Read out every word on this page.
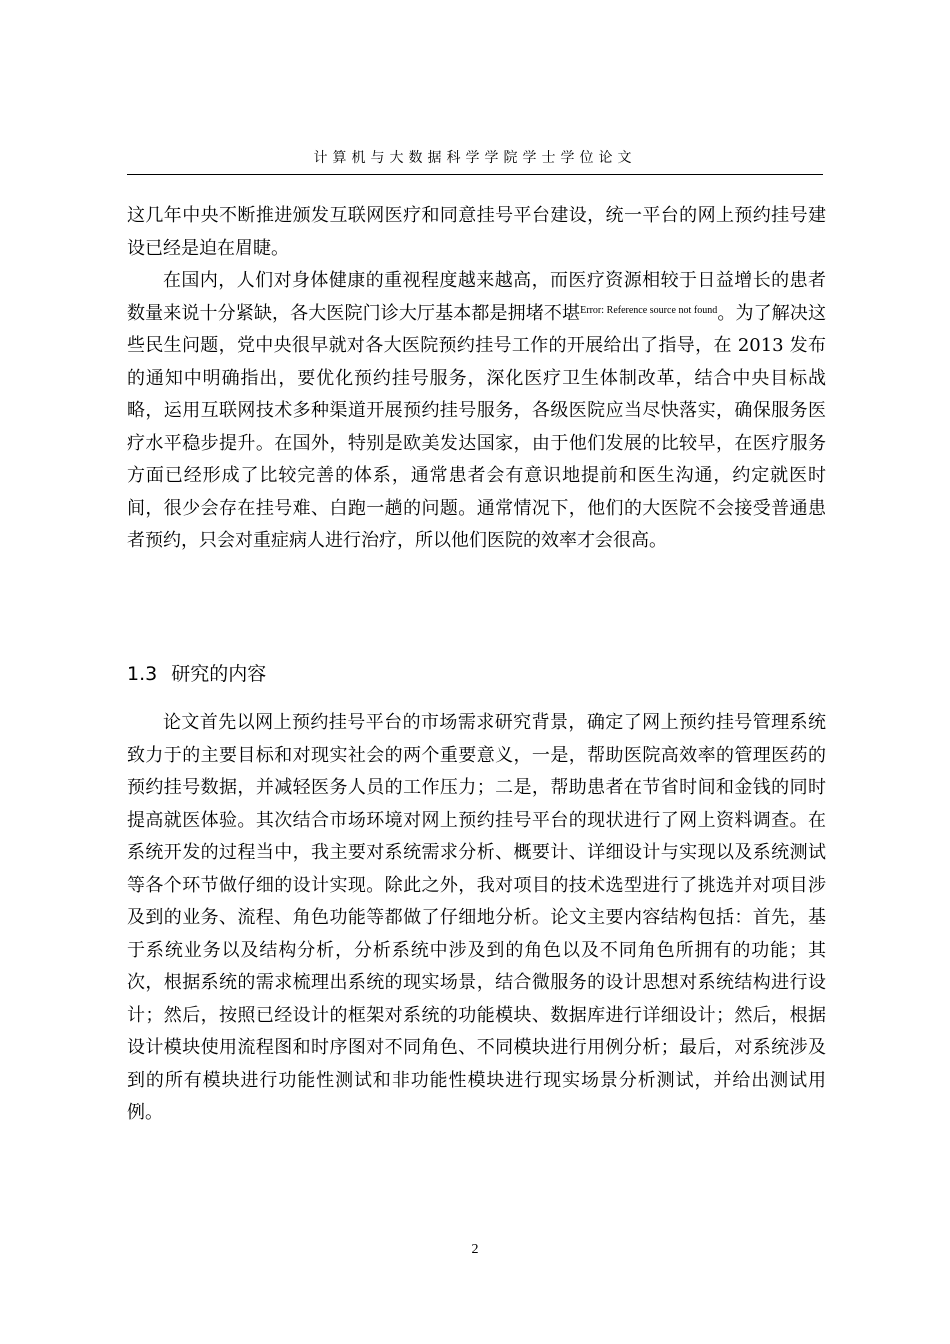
计算机与大数据科学学院学士学位论文

这几年中央不断推进颁发互联网医疗和同意挂号平台建设，统一平台的网上预约挂号建设已经是迫在眉睫。

在国内，人们对身体健康的重视程度越来越高，而医疗资源相较于日益增长的患者数量来说十分紧缺，各大医院门诊大厅基本都是拥堵不堪$^{Error: Reference source not found}$。为了解决这些民生问题，党中央很早就对各大医院预约挂号工作的开展给出了指导，在 2013 发布的通知中明确指出，要优化预约挂号服务，深化医疗卫生体制改革，结合中央目标战略，运用互联网技术多种渠道开展预约挂号服务，各级医院应当尽快落实，确保服务医疗水平稳步提升。在国外，特别是欧美发达国家，由于他们发展的比较早，在医疗服务方面已经形成了比较完善的体系，通常患者会有意识地提前和医生沟通，约定就医时间，很少会存在挂号难、白跑一趟的问题。通常情况下，他们的大医院不会接受普通患者预约，只会对重症病人进行治疗，所以他们医院的效率才会很高。

1.3 研究的内容

论文首先以网上预约挂号平台的市场需求研究背景，确定了网上预约挂号管理系统致力于的主要目标和对现实社会的两个重要意义，一是，帮助医院高效率的管理医药的预约挂号数据，并减轻医务人员的工作压力；二是，帮助患者在节省时间和金钱的同时提高就医体验。其次结合市场环境对网上预约挂号平台的现状进行了网上资料调查。在系统开发的过程当中，我主要对系统需求分析、概要计、详细设计与实现以及系统测试等各个环节做仔细的设计实现。除此之外，我对项目的技术选型进行了挑选并对项目涉及到的业务、流程、角色功能等都做了仔细地分析。论文主要内容结构包括：首先，基于系统业务以及结构分析，分析系统中涉及到的角色以及不同角色所拥有的功能；其次，根据系统的需求梳理出系统的现实场景，结合微服务的设计思想对系统结构进行设计；然后，按照已经设计的框架对系统的功能模块、数据库进行详细设计；然后，根据设计模块使用流程图和时序图对不同角色、不同模块进行用例分析；最后，对系统涉及到的所有模块进行功能性测试和非功能性模块进行现实场景分析测试，并给出测试用例。

2
